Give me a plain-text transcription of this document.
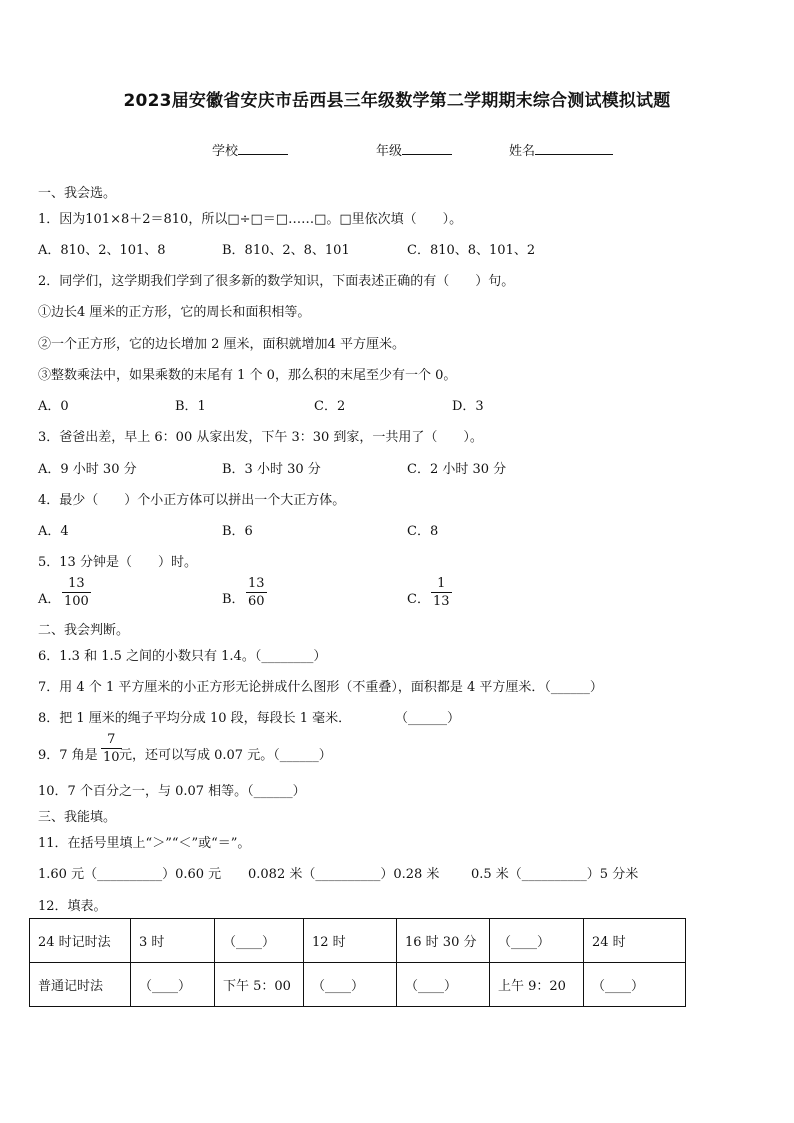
2023届安徽省安庆市岳西县三年级数学第二学期期末综合测试模拟试题
学校	年级	姓名
一、我会选。
1．因为101×8＋2＝810，所以□÷□＝□……□。□里依次填（　　）。
A．810、2、101、8	B．810、2、8、101	C．810、8、101、2
2．同学们，这学期我们学到了很多新的数学知识，下面表述正确的有（　　）句。
①边长4 厘米的正方形，它的周长和面积相等。
②一个正方形，它的边长增加 2 厘米，面积就增加4 平方厘米。
③整数乘法中，如果乘数的末尾有 1 个 0，那么积的末尾至少有一个 0。
A．0	B．1	C．2	D．3
3．爸爸出差，早上 6：00 从家出发，下午 3：30 到家，一共用了（　　）。
A．9 小时 30 分	B．3 小时 30 分	C．2 小时 30 分
4．最少（　　）个小正方体可以拼出一个大正方体。
A．4	B．6	C．8
5．13 分钟是（　　）时。
A．
13
100	B．
13
60	C．
1
13
二、我会判断。
6．1.3 和 1.5 之间的小数只有 1.4。（________）
7．用 4 个 1 平方厘米的小正方形无论拼成什么图形（不重叠），面积都是 4 平方厘米．（______）
8．把 1 厘米的绳子平均分成 10 段，每段长 1 毫米．	（______）
9．7 角是
7
10 元，还可以写成 0.07 元。（______）
10．7 个百分之一，与 0.07 相等。（______）
三、我能填。
11．在括号里填上“＞”“＜”或“＝”。
1.60 元（__________）0.60 元 0.082 米（__________）0.28 米 0.5 米（__________）5 分米
12．填表。
24 时记时法	3 时	（____）	12 时	16 时 30 分	（____）	24 时
普通记时法	（____）	下午 5：00	（____）	（____）	上午 9：20	（____）
